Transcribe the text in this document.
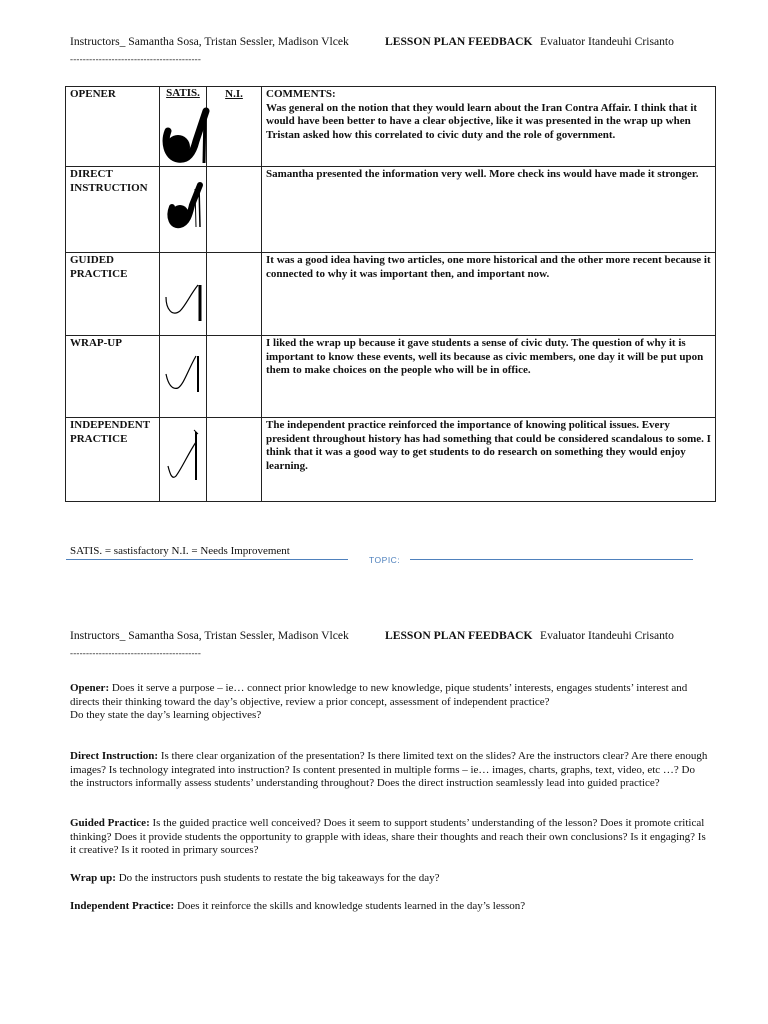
Instructors_ Samantha Sosa, Tristan Sessler, Madison Vlcek	LESSON PLAN FEEDBACK Evaluator Itandeuhi Crisanto
-----------------------------------------
OPENER	SATIS.	N.I.	COMMENTS:
Was general on the notion that they would learn about the Iran Contra Affair. I think that it would have been better to have a clear objective, like it was presented in the wrap up when Tristan asked how this correlated to civic duty and the role of government.

DIRECT INSTRUCTION			Samantha presented the information very well. More check ins would have made it stronger.

GUIDED PRACTICE			It was a good idea having two articles, one more historical and the other more recent because it connected to why it was important then, and important now.

WRAP-UP			I liked the wrap up because it gave students a sense of civic duty. The question of why it is important to know these events, well its because as civic members, one day it will be put upon them to make choices on the people who will be in office.

INDEPENDENT PRACTICE			The independent practice reinforced the importance of knowing political issues. Every president throughout history has had something that could be considered scandalous to some. I think that it was a good way to get students to do research on something they would enjoy learning.
SATIS. = sastisfactory N.I. = Needs Improvement
TOPIC:
Instructors_ Samantha Sosa, Tristan Sessler, Madison Vlcek	LESSON PLAN FEEDBACK Evaluator Itandeuhi Crisanto
-----------------------------------------
Opener: Does it serve a purpose – ie… connect prior knowledge to new knowledge, pique students’ interests, engages students’ interest and directs their thinking toward the day’s objective, review a prior concept, assessment of independent practice?
Do they state the day’s learning objectives?
Direct Instruction: Is there clear organization of the presentation? Is there limited text on the slides? Are the instructors clear? Are there enough images? Is technology integrated into instruction? Is content presented in multiple forms – ie… images, charts, graphs, text, video, etc …? Do the instructors informally assess students’ understanding throughout? Does the direct instruction seamlessly lead into guided practice?
Guided Practice: Is the guided practice well conceived? Does it seem to support students’ understanding of the lesson? Does it promote critical thinking? Does it provide students the opportunity to grapple with ideas, share their thoughts and reach their own conclusions? Is it engaging? Is it creative? Is it rooted in primary sources?
Wrap up: Do the instructors push students to restate the big takeaways for the day?
Independent Practice: Does it reinforce the skills and knowledge students learned in the day’s lesson?
